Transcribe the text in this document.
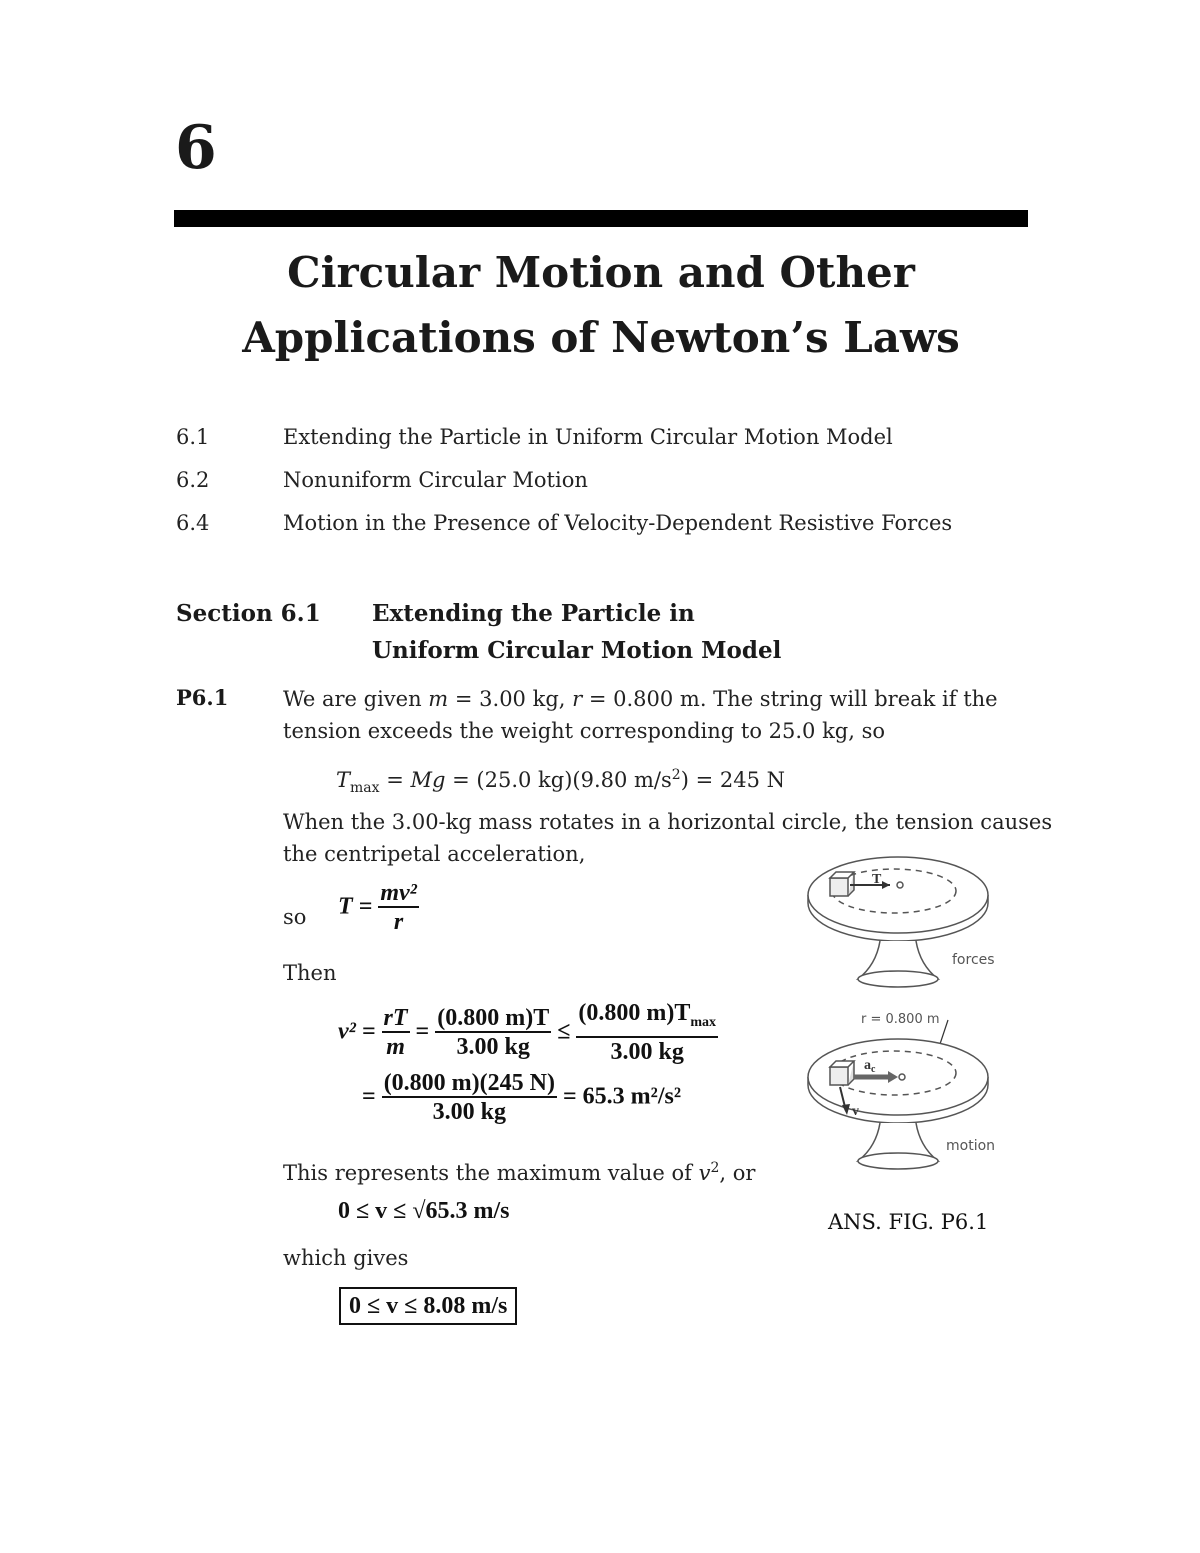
6
Circular Motion and Other
Applications of Newton’s Laws
6.1	Extending the Particle in Uniform Circular Motion Model
6.2	Nonuniform Circular Motion
6.4	Motion in the Presence of Velocity-Dependent Resistive Forces
Section 6.1 Extending the Particle in
Uniform Circular Motion Model
P6.1	We are given m = 3.00 kg, r = 0.800 m. The string will break if the
tension exceeds the weight corresponding to 25.0 kg, so
$T_{max} = Mg = (25.0$ kg)(9.80 $m/s^2) = 245$ N
When the 3.00-kg mass rotates in a horizontal circle, the tension causes
the centripetal acceleration,
so $T = \frac{\text{mv²}}{r}$
Then
$v^2 = \frac{rT}{m} = \frac{(0.800 m)T}{3.00 kg} \le \frac{(0.800 m)T_{max}}{3.00 kg}$
= $\frac{(0.800 m)(245 N)}{3.00 kg} = 65.3$ m²/s²
This represents the maximum value of $v^2$, or
0 ≤ v ≤ √65.3 m/s
which gives
0 ≤ v ≤ 8.08 m/s
T
forces
r = 0.800 m
$a_c$
v
motion
ANS. FIG. P6.1
